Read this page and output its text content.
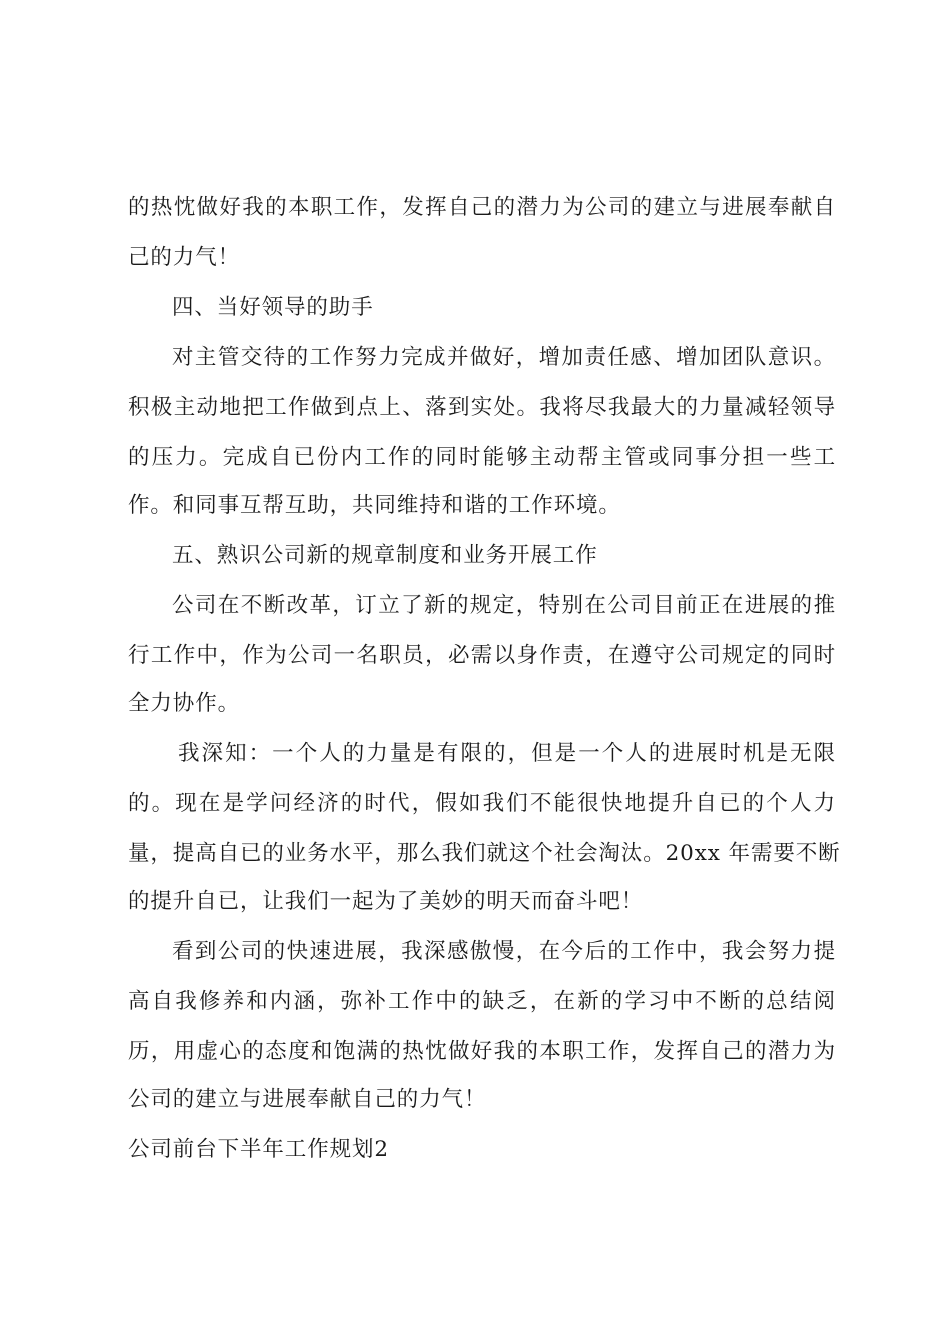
的热忱做好我的本职工作，发挥自己的潜力为公司的建立与进展奉献自
己的力气！
四、当好领导的助手
对主管交待的工作努力完成并做好，增加责任感、增加团队意识。
积极主动地把工作做到点上、落到实处。我将尽我最大的力量减轻领导
的压力。完成自已份内工作的同时能够主动帮主管或同事分担一些工
作。和同事互帮互助，共同维持和谐的工作环境。
五、熟识公司新的规章制度和业务开展工作
公司在不断改革，订立了新的规定，特别在公司目前正在进展的推
行工作中，作为公司一名职员，必需以身作责，在遵守公司规定的同时
全力协作。
我深知：一个人的力量是有限的，但是一个人的进展时机是无限
的。现在是学问经济的时代，假如我们不能很快地提升自已的个人力
量，提高自已的业务水平，那么我们就这个社会淘汰。20xx 年需要不断
的提升自已，让我们一起为了美妙的明天而奋斗吧！
看到公司的快速进展，我深感傲慢，在今后的工作中，我会努力提
高自我修养和内涵，弥补工作中的缺乏，在新的学习中不断的总结阅
历，用虚心的态度和饱满的热忱做好我的本职工作，发挥自己的潜力为
公司的建立与进展奉献自己的力气！
公司前台下半年工作规划2
